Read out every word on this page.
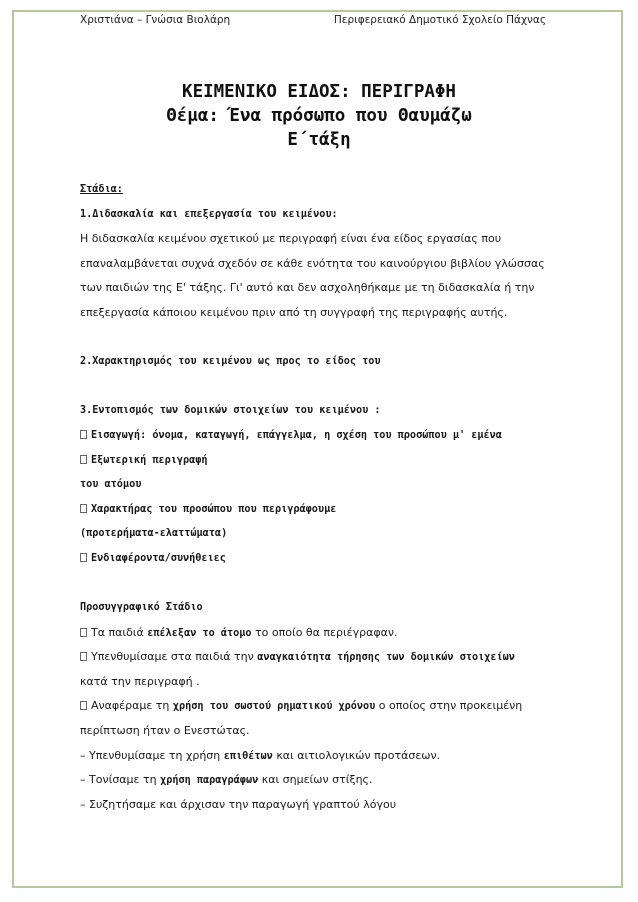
Χριστιάνα – Γνώσια Βιολάρη	Περιφερειακό Δημοτικό Σχολείο Πάχνας
ΚΕΙΜΕΝΙΚΟ ΕΙΔΟΣ: ΠΕΡΙΓΡΑΦΗ
Θέμα: Ένα πρόσωπο που Θαυμάζω
Ε΄τάξη
Στάδια:
1.Διδασκαλία και επεξεργασία του κειμένου:
Η διδασκαλία κειμένου σχετικού με περιγραφή είναι ένα είδος εργασίας που
επαναλαμβάνεται συχνά σχεδόν σε κάθε ενότητα του καινούργιου βιβλίου γλώσσας
των παιδιών της Ε' τάξης. Γι' αυτό και δεν ασχοληθήκαμε με τη διδασκαλία ή την
επεξεργασία κάποιου κειμένου πριν από τη συγγραφή της περιγραφής αυτής.
2.Χαρακτηρισμός του κειμένου ως προς το είδος του
3.Εντοπισμός των δομικών στοιχείων του κειμένου :
Εισαγωγή: όνομα, καταγωγή, επάγγελμα, η σχέση του προσώπου μ' εμένα
Εξωτερική περιγραφή
του ατόμου
Χαρακτήρας του προσώπου που περιγράφουμε
(προτερήματα-ελαττώματα)
Ενδιαφέροντα/συνήθειες
Προσυγγραφικό Στάδιο
Τα παιδιά επέλεξαν το άτομο το οποίο θα περιέγραφαν.
Υπενθυμίσαμε στα παιδιά την αναγκαιότητα τήρησης των δομικών στοιχείων
κατά την περιγραφή .
Αναφέραμε τη χρήση του σωστού ρηματικού χρόνου ο οποίος στην προκειμένη
περίπτωση ήταν ο Ενεστώτας.
– Υπενθυμίσαμε τη χρήση επιθέτων και αιτιολογικών προτάσεων.
– Τονίσαμε τη χρήση παραγράφων και σημείων στίξης.
– Συζητήσαμε και άρχισαν την παραγωγή γραπτού λόγου
